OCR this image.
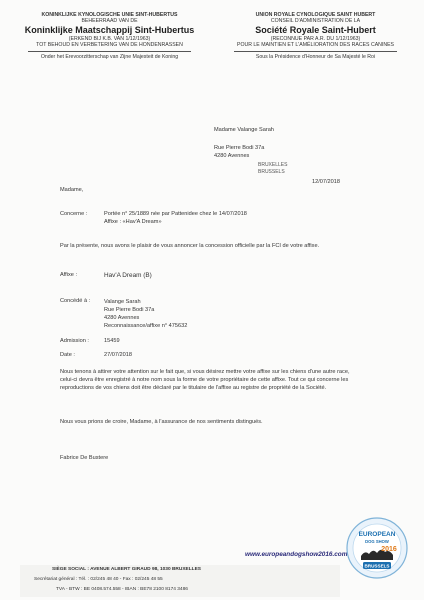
KONINKLIJKE KYNOLOGISCHE UNIE SINT-HUBERTUS
BEHEERRAAD VAN DE
Koninklijke Maatschappij Sint-Hubertus
(ERKEND BIJ K.B. VAN 1/12/1963)
TOT BEHOUD EN VERBETERING VAN DE HONDENRASSEN
Onder het Erevoorzitterschap van Zijne Majesteit de Koning
UNION ROYALE CYNOLOGIQUE SAINT HUBERT
CONSEIL D'ADMINISTRATION DE LA
Société Royale Saint-Hubert
(RECONNUE PAR A.R. DU 1/12/1963)
POUR LE MAINTIEN ET L'AMÉLIORATION DES RACES CANINES
Sous la Présidence d'Honneur de Sa Majesté le Roi
Madame Valange Sarah
Rue Pierre Bodi 37a
4280 Avennes
BRUXELLES
BRUSSELS
12/07/2018
Madame,
Concerne :	Portée n° 25/1889 née par Pattenidee chez le 14/07/2018
Affixe : «Hav'A Dream»
Par la présente, nous avons le plaisir de vous annoncer la concession officielle par la FCI de votre affixe.
Affixe :	Hav'A Dream (B)
Concédé à : Valange Sarah
Rue Pierre Bodi 37a
4280 Avennes
Reconnaissance/affixe n° 475632
Admission :	15459
Date :	27/07/2018
Nous tenons à attirer votre attention sur le fait que, si vous désirez mettre votre affixe sur les chiens d'une autre race, celui-ci devra être enregistré à notre nom sous la forme de votre propriétaire de cette affixe. Tout ce qui concerne les reproductions de vos chiens doit être déclaré par le titulaire de l'affixe au registre de propriété de la Société.
Nous vous prions de croire, Madame, à l'assurance de nos sentiments distingués.
Fabrice De Bustere
www.europeandogshow2016.com
SIÈGE SOCIAL : AVENUE ALBERT GIRAUD 98, 1030 BRUXELLES
Secrétariat général : Tél. : 02/245 48 40 - Fax : 02/245 48 55
TVA - BTW : BE 0408.574.558 - IBAN : BE78 2100 8174 3486
EUROPEAN
DOG SHOW
2016
BRUSSELS
